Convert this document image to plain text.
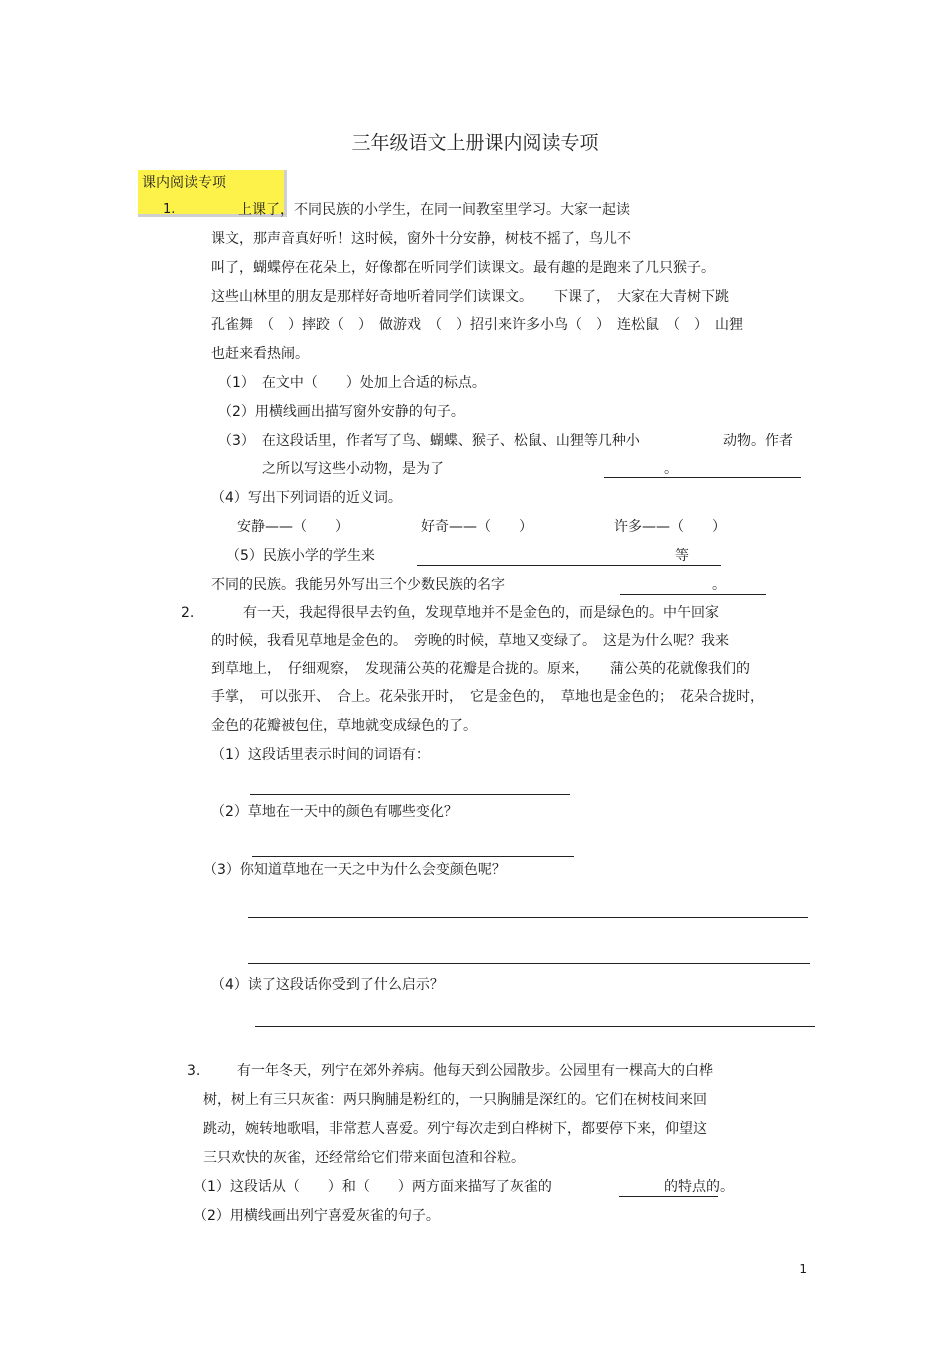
三年级语文上册课内阅读专项
课内阅读专项
1.	上课了，不同民族的小学生，在同一间教室里学习。大家一起读
课文，那声音真好听！这时候，窗外十分安静，树枝不摇了，鸟儿不
叫了，蝴蝶停在花朵上，好像都在听同学们读课文。最有趣的是跑来了几只猴子。
这些山林里的朋友是那样好奇地听着同学们读课文。　　下课了，　大家在大青树下跳
孔雀舞　（　）摔跤（　）　做游戏　（　）招引来许多小鸟（　）　连松鼠　（　）　山狸
也赶来看热闹。
（1）　在文中（　　）处加上合适的标点。
（2）用横线画出描写窗外安静的句子。
（3）　在这段话里，作者写了鸟、蝴蝶、猴子、松鼠、山狸等几种小	动物。作者
之所以写这些小动物，是为了	。
（4）写出下列词语的近义词。
安静——（　　）	好奇——（　　）	许多——（　　）
（5）民族小学的学生来	等
不同的民族。我能另外写出三个少数民族的名字	。
2.	有一天，我起得很早去钓鱼，发现草地并不是金色的，而是绿色的。中午回家
的时候，我看见草地是金色的。　旁晚的时候，草地又变绿了。　这是为什么呢？我来
到草地上，　仔细观察，　发现蒲公英的花瓣是合拢的。原来，　　蒲公英的花就像我们的
手掌，　可以张开、　合上。花朵张开时，　它是金色的，　草地也是金色的；　花朵合拢时，
金色的花瓣被包住，草地就变成绿色的了。
（1）这段话里表示时间的词语有：
（2）草地在一天中的颜色有哪些变化？
（3）你知道草地在一天之中为什么会变颜色呢？
（4）读了这段话你受到了什么启示？
3.	有一年冬天，列宁在郊外养病。他每天到公园散步。公园里有一棵高大的白桦
树，树上有三只灰雀：两只胸脯是粉红的，一只胸脯是深红的。它们在树枝间来回
跳动，婉转地歌唱，非常惹人喜爱。列宁每次走到白桦树下，都要停下来，仰望这
三只欢快的灰雀，还经常给它们带来面包渣和谷粒。
（1）这段话从（　　）和（　　）两方面来描写了灰雀的	的特点的。
（2）用横线画出列宁喜爱灰雀的句子。
1
